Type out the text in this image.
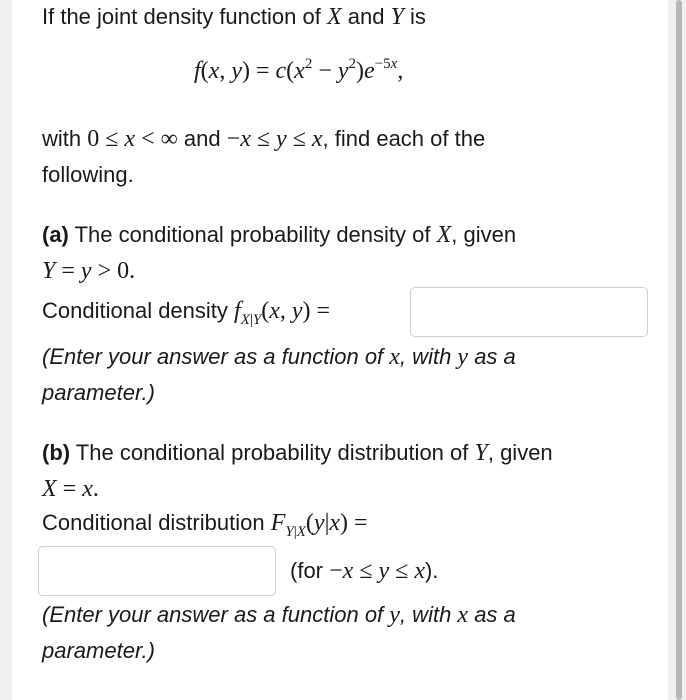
If the joint density function of X and Y is
f(x, $y) = c(x^2 - y^2)e^{-5x}$,
with 0 ≤ x < ∞ and −x ≤ y ≤ x, find each of the
following.
(a) The conditional probability density of X, given
Y = y > 0.
Conditional density $f_{X|Y}(x$, y) =
(Enter your answer as a function of x, with y as a
parameter.)
(b) The conditional probability distribution of Y, given
X = x.
Conditional distribution $F_{Y|X}(y|x)$ =
(for −x ≤ y ≤ x).
(Enter your answer as a function of y, with x as a
parameter.)
